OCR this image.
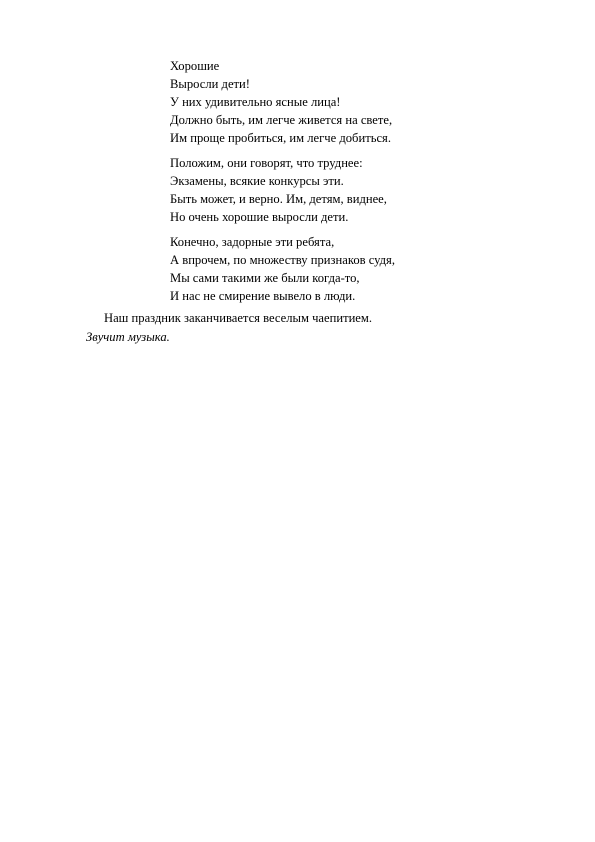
Хорошие
Выросли дети!
У них удивительно ясные лица!
Должно быть, им легче живется на свете,
Им проще пробиться, им легче добиться.
Положим, они говорят, что труднее:
Экзамены, всякие конкурсы эти.
Быть может, и верно. Им, детям, виднее,
Но очень хорошие выросли дети.
Конечно, задорные эти ребята,
А впрочем, по множеству признаков судя,
Мы сами такими же были когда-то,
И нас не смирение вывело в люди.
Наш праздник заканчивается веселым чаепитием.
Звучит музыка.
